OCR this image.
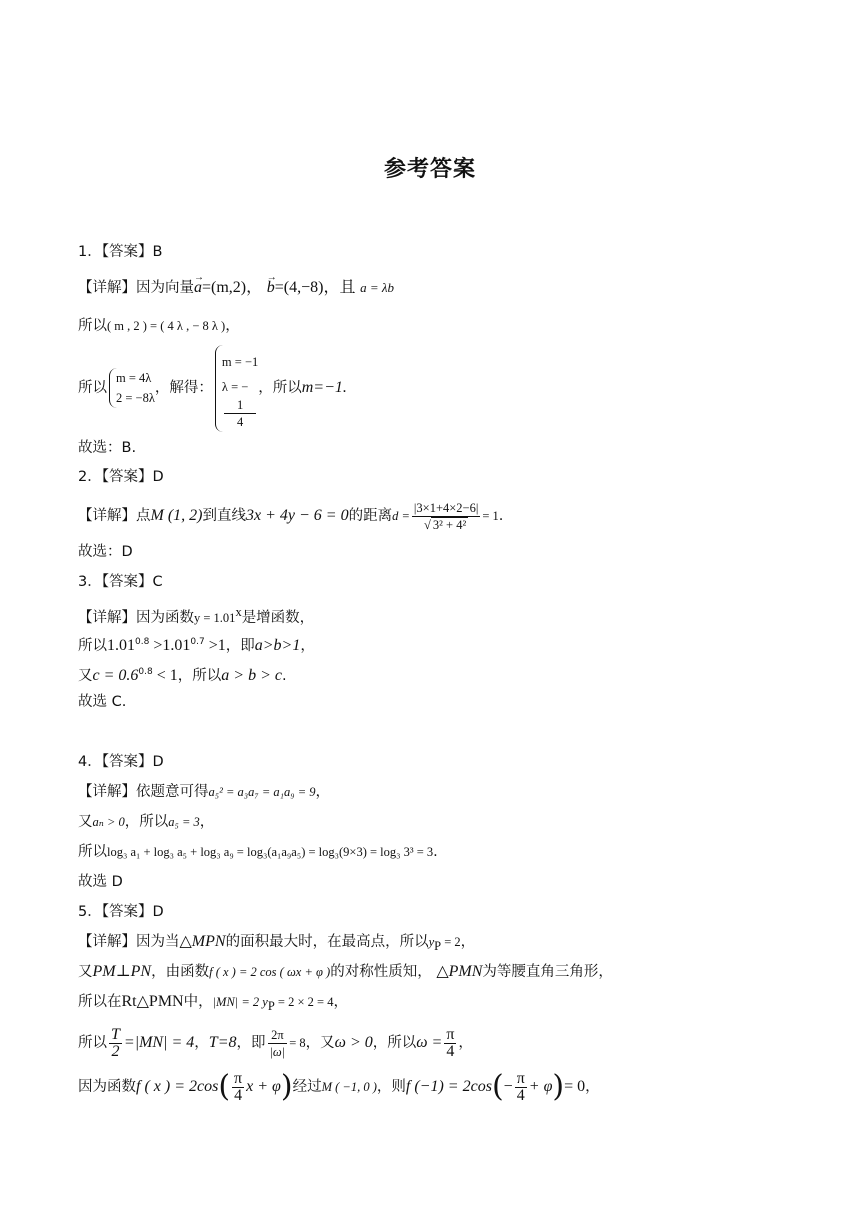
参考答案
1．【答案】B
【详解】因为向量→ a=(m,2)， → b=(4,−8)，且 a = λb
所以( m , 2 ) = ( 4 λ , − 8 λ )，
所以
m = 4λ
2 = −8λ
，解得：
m = −1
λ = −
1
4
，所以 m=−1.
故选：B.
2．【答案】D
【详解】点 M (1, 2) 到直线 3x + 4y − 6 = 0 的距离 $d = \frac{|3\times 1+4\times 2-6|}{\text{√ 3² + 4²}} = 1$ .
故选：D
3．【答案】C
【详解】因为函数$y = 1.01^x$是增函数，
所以$1.01^{0.8} >1.01^{0.7} >1$，即a>b>1，
又$c = 0.6^{0.8} < 1$，所以a > b > c.
故选 C.
4．【答案】D
【详解】依题意可得a₅² = a₃a₇ = a₁a₉ = 9，
又aₙ > 0，所以a₅ = 3，
所以log₃ a₁ + log₃ a₅ + log₃ a₉ = log₃(a₁a₉a₅) = log₃(9×3) = log₃ 3³ = 3.
故选 D
5．【答案】D
【详解】因为当△MPN的面积最大时，在最高点，所以$y_P = 2$，
又PM⊥PN，由函数f ( x ) = 2 cos ( ωx + φ )的对称性质知， △PMN为等腰直角三角形，
所以在Rt△PMN中，|MN| = 2 $y_P = 2 \times 2 = 4$，
所以 $\frac{T}{2} =|MN| = 4$ ， T=8 ，即 $\frac{2\pi}{|\omega|} = 8$ ，又 ω > 0 ，所以 $\omega = \frac{\pi}{4}$ ，
因为函数 f ( x ) = 2cos ( $\frac{\pi}{4}$ x + φ ) 经过 M ( −1, 0 ) ，则 f (−1) = 2cos ( − $\frac{\pi}{4} + \varphi$ ) = 0 ，
